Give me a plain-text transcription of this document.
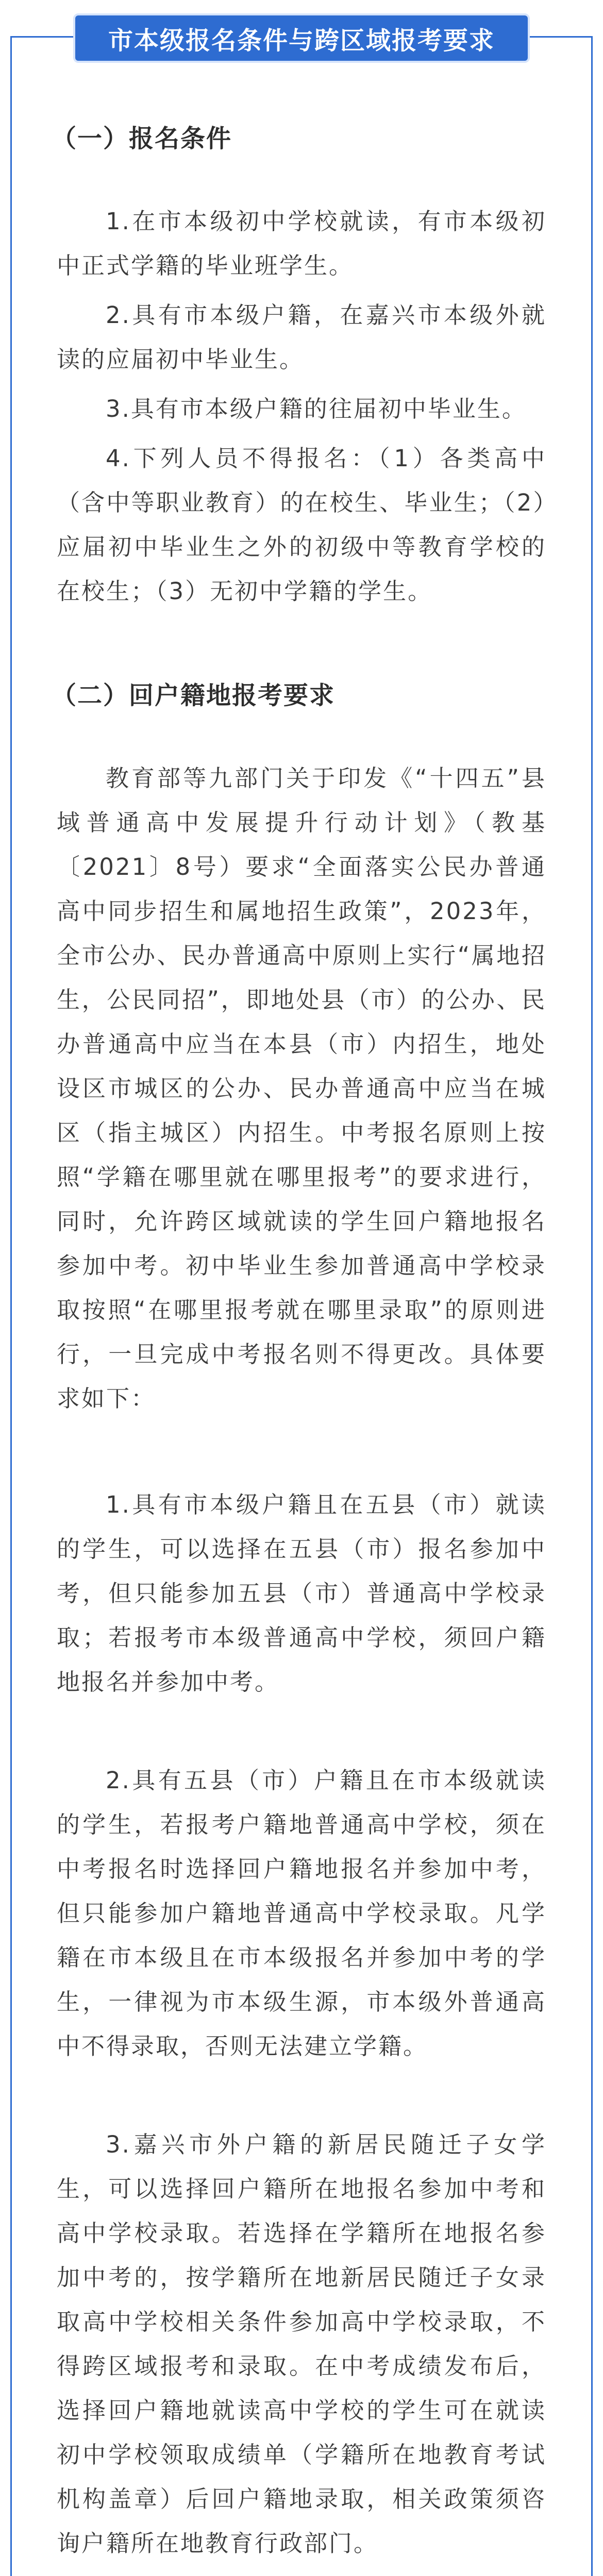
市本级报名条件与跨区域报考要求
（一）报名条件

1.在市本级初中学校就读，有市本级初中正式学籍的毕业班学生。

2.具有市本级户籍，在嘉兴市本级外就读的应届初中毕业生。

3.具有市本级户籍的往届初中毕业生。

4.下列人员不得报名：（1）各类高中（含中等职业教育）的在校生、毕业生；（2）应届初中毕业生之外的初级中等教育学校的在校生；（3）无初中学籍的学生。

（二）回户籍地报考要求

教育部等九部门关于印发《“十四五”县域普通高中发展提升行动计划》（教基〔2021〕8号）要求“全面落实公民办普通高中同步招生和属地招生政策”，2023年，全市公办、民办普通高中原则上实行“属地招生，公民同招”，即地处县（市）的公办、民办普通高中应当在本县（市）内招生，地处设区市城区的公办、民办普通高中应当在城区（指主城区）内招生。中考报名原则上按照“学籍在哪里就在哪里报考”的要求进行，同时，允许跨区域就读的学生回户籍地报名参加中考。初中毕业生参加普通高中学校录取按照“在哪里报考就在哪里录取”的原则进行，一旦完成中考报名则不得更改。具体要求如下：

1.具有市本级户籍且在五县（市）就读的学生，可以选择在五县（市）报名参加中考，但只能参加五县（市）普通高中学校录取；若报考市本级普通高中学校，须回户籍地报名并参加中考。

2.具有五县（市）户籍且在市本级就读的学生，若报考户籍地普通高中学校，须在中考报名时选择回户籍地报名并参加中考，但只能参加户籍地普通高中学校录取。凡学籍在市本级且在市本级报名并参加中考的学生，一律视为市本级生源，市本级外普通高中不得录取，否则无法建立学籍。

3.嘉兴市外户籍的新居民随迁子女学生，可以选择回户籍所在地报名参加中考和高中学校录取。若选择在学籍所在地报名参加中考的，按学籍所在地新居民随迁子女录取高中学校相关条件参加高中学校录取，不得跨区域报考和录取。在中考成绩发布后，选择回户籍地就读高中学校的学生可在就读初中学校领取成绩单（学籍所在地教育考试机构盖章）后回户籍地录取，相关政策须咨询户籍所在地教育行政部门。
